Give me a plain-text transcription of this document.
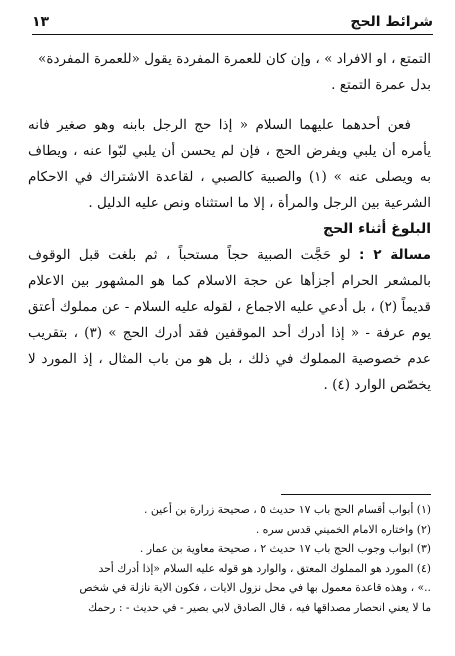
شرائط الحج
١٣

التمتع ، او الافراد » ، وإن كان للعمرة المفردة يقول «للعمرة المفردة»

بدل عمرة التمتع .

فعن أحدهما عليهما السلام « إذا حج الرجل بابنه وهو صغير فانه يأمره أن يلبي ويفرض الحج ، فإن لم يحسن أن يلبي لبّوا عنه ، ويطاف به ويصلى عنه » (١) والصبية كالصبي ، لقاعدة الاشتراك في الاحكام الشرعية بين الرجل والمرأة ، إلا ما استثناه ونص عليه الدليل .

البلوغ أثناء الحج

مسالة ٢ : لو حَجَّت الصبية حجاً مستحباً ، ثم بلغت قبل الوقوف بالمشعر الحرام أجزأها عن حجة الاسلام كما هو المشهور بين الاعلام قديماً (٢) ، بل أدعي عليه الاجماع ، لقوله عليه السلام - عن مملوك أعتق يوم عرفة - « إذا أدرك أحد الموقفين فقد أدرك الحج » (٣) ، بتقريب عدم خصوصية المملوك في ذلك ، بل هو من باب المثال ، إذ المورد لا يخصّص الوارد (٤) .

(١) أبواب أقسام الحج باب ١٧ حديث ٥ ، صحيحة زرارة بن أعين .

(٢) واختاره الامام الخميني قدس سره .

(٣) ابواب وجوب الحج باب ١٧ حديث ٢ ، صحيحة معاوية بن عمار .

(٤) المورد هو المملوك المعتق ، والوارد هو قوله عليه السلام «إذا أدرك أحد

..» ، وهذه قاعدة معمول بها في محل نزول الايات ، فكون الاية نازلة في شخص

ما لا يعني انحصار مصداقها فيه ، قال الصادق لابي بصير - في حديث - : رحمك
